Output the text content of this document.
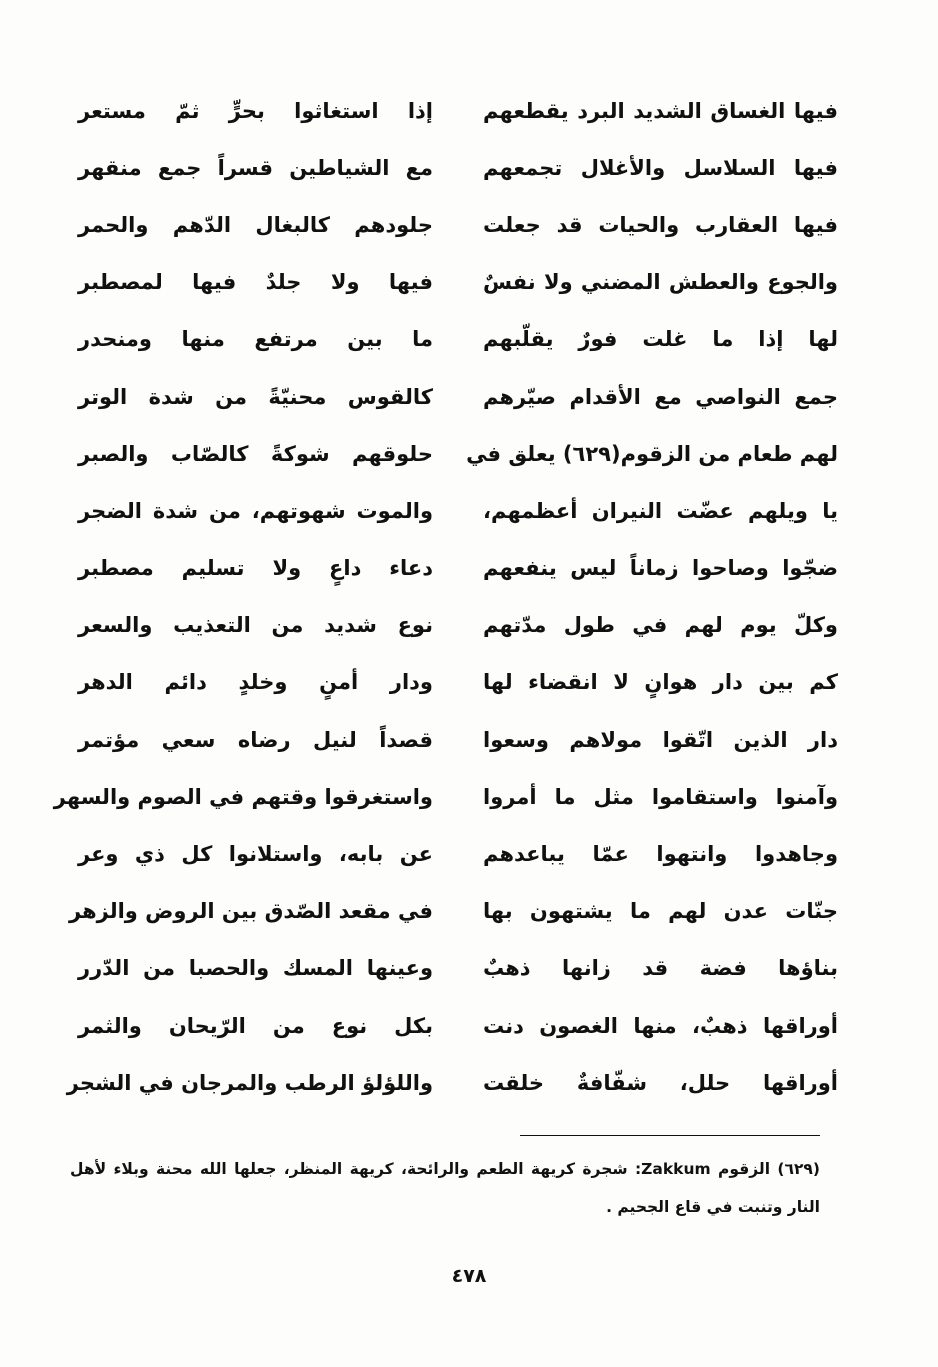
فيها الغساق الشديد البرد يقطعهم
إذا استغاثوا بحرٍّ ثمّ مستعر
فيها السلاسل والأغلال تجمعهم
مع الشياطين قسراً جمع منقهر
فيها العقارب والحيات قد جعلت
جلودهم كالبغال الدّهم والحمر
والجوع والعطش المضني ولا نفسٌ
فيها ولا جلدٌ فيها لمصطبر
لها إذا ما غلت فورٌ يقلّبهم
ما بين مرتفع منها ومنحدر
جمع النواصي مع الأقدام صيّرهم
كالقوس محنيّةً من شدة الوتر
لهم طعام من الزقوم(٦٢٩) يعلق في
حلوقهم شوكةً كالصّاب والصبر
يا ويلهم عضّت النيران أعظمهم،
والموت شهوتهم، من شدة الضجر
ضجّوا وصاحوا زماناً ليس ينفعهم
دعاء داعٍ ولا تسليم مصطبر
وكلّ يوم لهم في طول مدّتهم
نوع شديد من التعذيب والسعر
كم بين دار هوانٍ لا انقضاء لها
ودار أمنٍ وخلدٍ دائم الدهر
دار الذين اتّقوا مولاهم وسعوا
قصداً لنيل رضاه سعي مؤتمر
وآمنوا واستقاموا مثل ما أمروا
واستغرقوا وقتهم في الصوم والسهر
وجاهدوا وانتهوا عمّا يباعدهم
عن بابه، واستلانوا كل ذي وعر
جنّات عدن لهم ما يشتهون بها
في مقعد الصّدق بين الروض والزهر
بناؤها فضة قد زانها ذهبٌ
وعينها المسك والحصبا من الدّرر
أوراقها ذهبٌ، منها الغصون دنت
بكل نوع من الرّيحان والثمر
أوراقها حلل، شفّافةٌ خلقت
واللؤلؤ الرطب والمرجان في الشجر
(٦٢٩) الزقوم Zakkum: شجرة كريهة الطعم والرائحة، كريهة المنظر، جعلها الله محنة وبلاء لأهل النار وتنبت في قاع الجحيم .
٤٧٨
